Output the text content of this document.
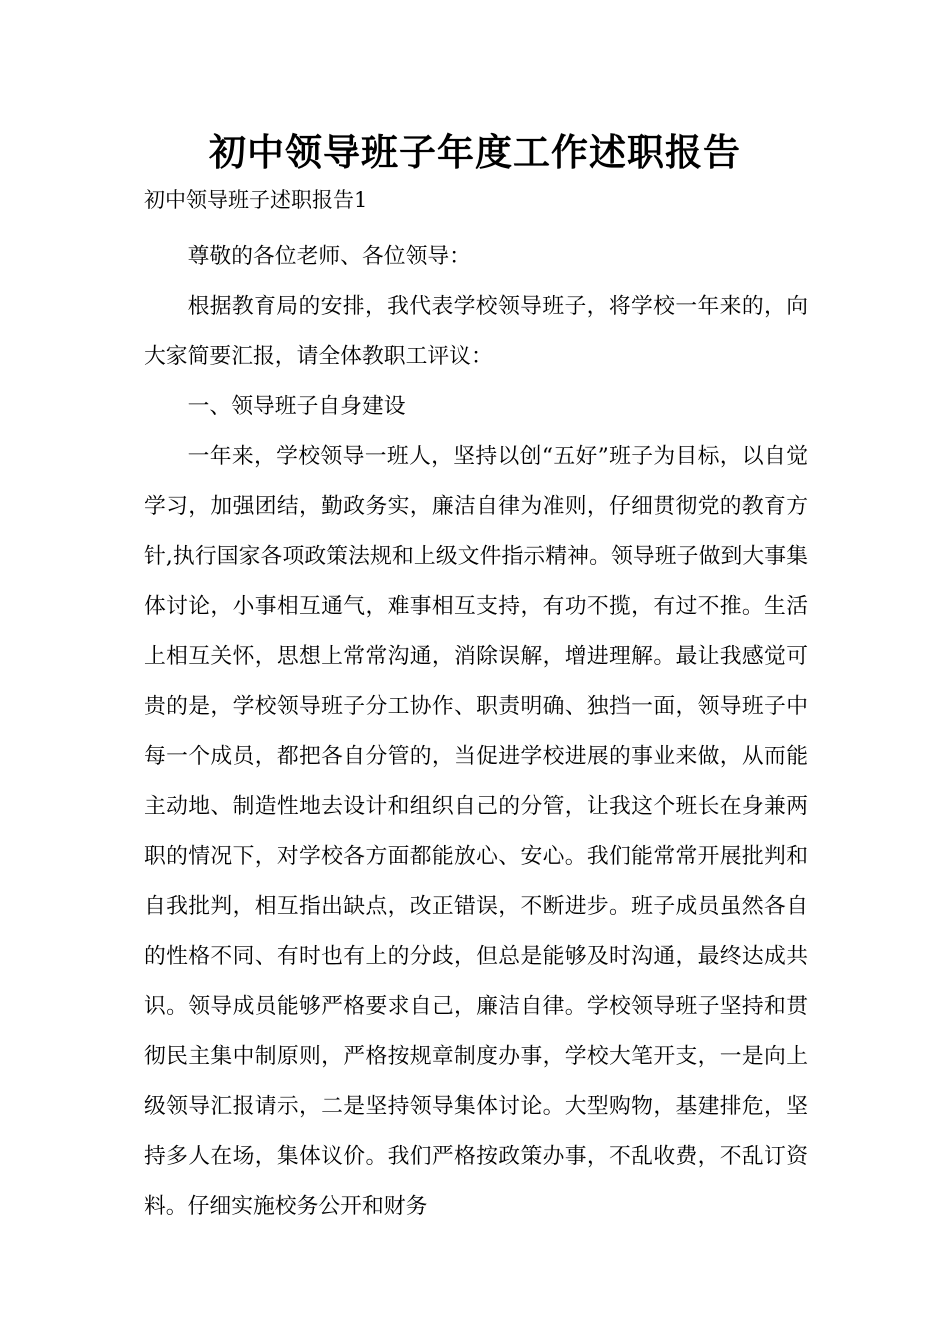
初中领导班子年度工作述职报告

初中领导班子述职报告1

尊敬的各位老师、各位领导：

根据教育局的安排，我代表学校领导班子，将学校一年来的，向大家简要汇报，请全体教职工评议：

一、领导班子自身建设

一年来，学校领导一班人，坚持以创“五好”班子为目标，以自觉学习，加强团结，勤政务实，廉洁自律为准则，仔细贯彻党的教育方针,执行国家各项政策法规和上级文件指示精神。领导班子做到大事集体讨论，小事相互通气，难事相互支持，有功不揽，有过不推。生活上相互关怀，思想上常常沟通，消除误解，增进理解。最让我感觉可贵的是，学校领导班子分工协作、职责明确、独挡一面，领导班子中每一个成员，都把各自分管的，当促进学校进展的事业来做，从而能主动地、制造性地去设计和组织自己的分管，让我这个班长在身兼两职的情况下，对学校各方面都能放心、安心。我们能常常开展批判和自我批判，相互指出缺点，改正错误，不断进步。班子成员虽然各自的性格不同、有时也有上的分歧，但总是能够及时沟通，最终达成共识。领导成员能够严格要求自己，廉洁自律。学校领导班子坚持和贯彻民主集中制原则，严格按规章制度办事，学校大笔开支，一是向上级领导汇报请示，二是坚持领导集体讨论。大型购物，基建排危，坚持多人在场，集体议价。我们严格按政策办事，不乱收费，不乱订资料。仔细实施校务公开和财务
